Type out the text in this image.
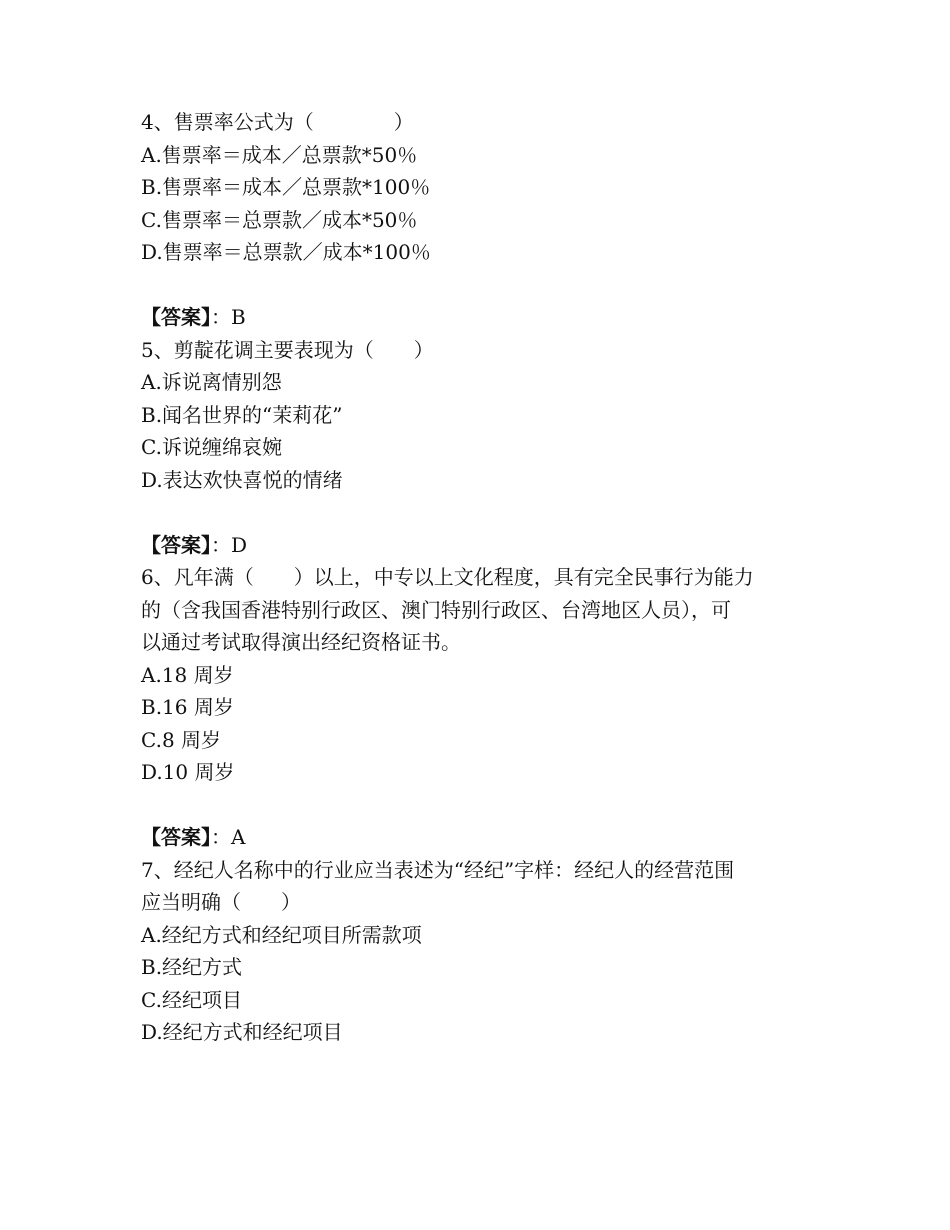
4、售票率公式为（　　　　）

A.售票率＝成本／总票款*50％

B.售票率＝成本／总票款*100％

C.售票率＝总票款／成本*50％

D.售票率＝总票款／成本*100％

【答案】：B

5、剪靛花调主要表现为（　　）

A.诉说离情别怨

B.闻名世界的“茉莉花”

C.诉说缠绵哀婉

D.表达欢快喜悦的情绪

【答案】：D

6、凡年满（　　）以上，中专以上文化程度，具有完全民事行为能力

的（含我国香港特别行政区、澳门特别行政区、台湾地区人员），可

以通过考试取得演出经纪资格证书。

A.18 周岁

B.16 周岁

C.8 周岁

D.10 周岁

【答案】：A

7、经纪人名称中的行业应当表述为“经纪”字样：经纪人的经营范围

应当明确（　　）

A.经纪方式和经纪项目所需款项

B.经纪方式

C.经纪项目

D.经纪方式和经纪项目
